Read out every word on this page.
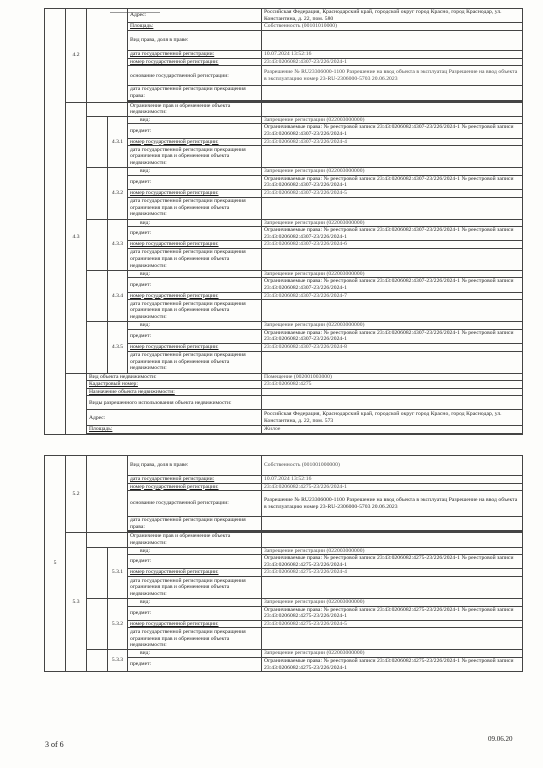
	4.2			Адрес:	Российская Федерация, Краснодарский край, городской округ город Красно, город Краснодар, ул. Константина, д. 22, пом. 580
				Площадь:	Собственность (00101010000)
				Вид права, доля в праве:	
				дата государственной регистрации:	10.07.2024 13:52:16
				номер государственной регистрации:	23:43:0206082:4307-23/226/2024-1
				основание государственной регистрации:	Разрешение № RU23306000-1100 Разрешение на ввод объекта в эксплуатац Разрешение на ввод объекта в эксплуатацию номер 23-RU-2306000-5703 20.06.2023
				дата государственной регистрации прекращения права:	

	4.3			Ограничение прав и обременение объекта недвижимости:	
			4.3.1	вид:	Запрещение регистрации (022003000000)
				предмет:	Ограничиваемые права: № реестровой записи 23:43:0206082:4307-23/226/2024-1 № реестровой записи 23:43:0206082:4307-23/226/2024-1
				номер государственной регистрации:	23:43:0206082:4307-23/226/2024-4
				дата государственной регистрации прекращения ограничения прав и обременения объекта недвижимости:	
			4.3.2	вид:	Запрещение регистрации (022003000000)
				предмет:	Ограничиваемые права: № реестровой записи 23:43:0206082:4307-23/226/2024-1 № реестровой записи 23:43:0206082:4307-23/226/2024-1
				номер государственной регистрации:	23:43:0206082:4307-23/226/2024-5
				дата государственной регистрации прекращения ограничения прав и обременения объекта недвижимости:	
			4.3.3	вид:	Запрещение регистрации (022003000000)
				предмет:	Ограничиваемые права: № реестровой записи 23:43:0206082:4307-23/226/2024-1 № реестровой записи 23:43:0206082:4307-23/226/2024-1
				номер государственной регистрации:	23:43:0206082:4307-23/226/2024-6
				дата государственной регистрации прекращения ограничения прав и обременения объекта недвижимости:	
			4.3.4	вид:	Запрещение регистрации (022003000000)
				предмет:	Ограничиваемые права: № реестровой записи 23:43:0206082:4307-23/226/2024-1 № реестровой записи 23:43:0206082:4307-23/226/2024-1
				номер государственной регистрации:	23:43:0206082:4307-23/226/2024-7
				дата государственной регистрации прекращения ограничения прав и обременения объекта недвижимости:	
			4.3.5	вид:	Запрещение регистрации (022003000000)
				предмет:	Ограничиваемые права: № реестровой записи 23:43:0206082:4307-23/226/2024-1 № реестровой записи 23:43:0206082:4307-23/226/2024-1
				номер государственной регистрации:	23:43:0206082:4307-23/226/2024-8
				дата государственной регистрации прекращения ограничения прав и обременения объекта недвижимости:	
		Вид объекта недвижимости:			Помещение (002001003000)
		Кадастровый номер:			23:43:0206082:4275
		Назначение объекта недвижимости:			
		Виды разрешенного использования объекта недвижимости:			
		Адрес:			Российская Федерация, Краснодарский край, городской округ город Красно, город Краснодар, ул. Константина, д. 22, пом. 573
		Площадь:			Жилое

5	5.2			Вид права, доля в праве:	Собственность (001001000000)
				дата государственной регистрации:	10.07.2024 13:52:16
				номер государственной регистрации:	23:43:0206082:4275-23/226/2024-1
				основание государственной регистрации:	Разрешение № RU23306000-1100 Разрешение на ввод объекта в эксплуатац Разрешение на ввод объекта в эксплуатацию номер 23-RU-2306000-5703 20.06.2023
				дата государственной регистрации прекращения права:	

	5.3			Ограничение прав и обременение объекта недвижимости:	
			5.3.1	вид:	Запрещение регистрации (022003000000)
				предмет:	Ограничиваемые права: № реестровой записи 23:43:0206082:4275-23/226/2024-1 № реестровой записи 23:43:0206082:4275-23/226/2024-1
				номер государственной регистрации:	23:43:0206082:4275-23/226/2024-4
				дата государственной регистрации прекращения ограничения прав и обременения объекта недвижимости:	
			5.3.2	вид:	Запрещение регистрации (022003000000)
				предмет:	Ограничиваемые права: № реестровой записи 23:43:0206082:4275-23/226/2024-1 № реестровой записи 23:43:0206082:4275-23/226/2024-1
				номер государственной регистрации:	23:43:0206082:4275-23/226/2024-5
				дата государственной регистрации прекращения ограничения прав и обременения объекта недвижимости:	
			5.3.3	вид:	Запрещение регистрации (022003000000)
				предмет:	Ограничиваемые права: № реестровой записи 23:43:0206082:4275-23/226/2024-1 № реестровой записи 23:43:0206082:4275-23/226/2024-1
3 of 6
09.06.20
